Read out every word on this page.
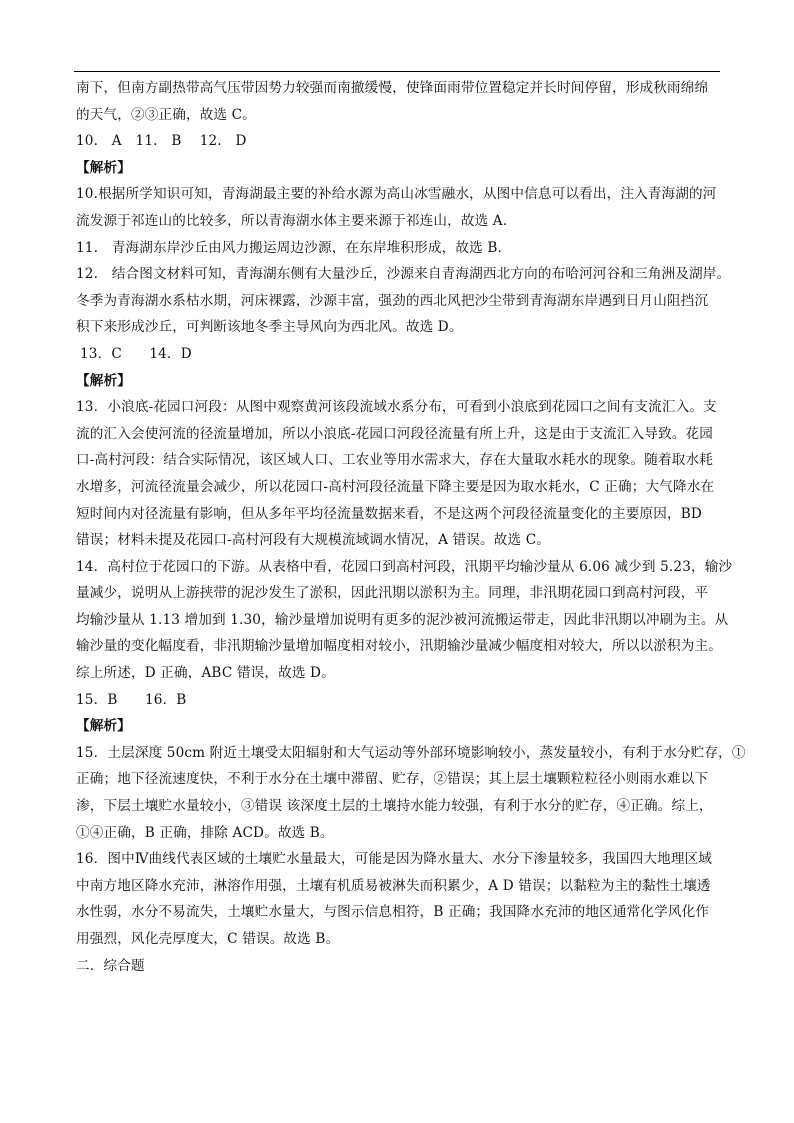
南下，但南方副热带高气压带因势力较强而南撤缓慢，使锋面雨带位置稳定并长时间停留，形成秋雨绵绵
的天气，②③正确，故选 C。
10.　A　11.　B　 12.　D
【解析】
10.根据所学知识可知，青海湖最主要的补给水源为高山冰雪融水，从图中信息可以看出，注入青海湖的河
流发源于祁连山的比较多，所以青海湖水体主要来源于祁连山，故选 A.
11.　青海湖东岸沙丘由风力搬运周边沙源，在东岸堆积形成，故选 B.
12.　结合图文材料可知，青海湖东侧有大量沙丘，沙源来自青海湖西北方向的布哈河河谷和三角洲及湖岸。
冬季为青海湖水系枯水期，河床裸露，沙源丰富，强劲的西北风把沙尘带到青海湖东岸遇到日月山阻挡沉
积下来形成沙丘，可判断该地冬季主导风向为西北风。故选 D。
13．C　　14．D
【解析】
13．小浪底-花园口河段：从图中观察黄河该段流域水系分布，可看到小浪底到花园口之间有支流汇入。支
流的汇入会使河流的径流量增加，所以小浪底-花园口河段径流量有所上升，这是由于支流汇入导致。花园
口-高村河段：结合实际情况，该区域人口、工农业等用水需求大，存在大量取水耗水的现象。随着取水耗
水增多，河流径流量会减少，所以花园口-高村河段径流量下降主要是因为取水耗水，C 正确；大气降水在
短时间内对径流量有影响，但从多年平均径流量数据来看，不是这两个河段径流量变化的主要原因，BD
错误；材料未提及花园口-高村河段有大规模流域调水情况，A 错误。故选 C。
14．高村位于花园口的下游。从表格中看，花园口到高村河段，汛期平均输沙量从 6.06 减少到 5.23，输沙
量减少，说明从上游挟带的泥沙发生了淤积，因此汛期以淤积为主。同理，非汛期花园口到高村河段，平
均输沙量从 1.13 增加到 1.30，输沙量增加说明有更多的泥沙被河流搬运带走，因此非汛期以冲刷为主。从
输沙量的变化幅度看，非汛期输沙量增加幅度相对较小，汛期输沙量减少幅度相对较大，所以以淤积为主。
综上所述，D 正确，ABC 错误，故选 D。
15．B　　16．B
【解析】
15．土层深度 50cm 附近土壤受太阳辐射和大气运动等外部环境影响较小，蒸发量较小，有利于水分贮存，①
正确；地下径流速度快，不利于水分在土壤中滞留、贮存，②错误；其上层土壤颗粒粒径小则雨水难以下
渗，下层土壤贮水量较小，③错误 该深度土层的土壤持水能力较强，有利于水分的贮存，④正确。综上，
①④正确，B 正确，排除 ACD。故选 B。
16．图中Ⅳ曲线代表区域的土壤贮水量最大，可能是因为降水量大、水分下渗量较多，我国四大地理区域
中南方地区降水充沛，淋溶作用强，土壤有机质易被淋失而积累少，A D 错误；以黏粒为主的黏性土壤透
水性弱，水分不易流失，土壤贮水量大，与图示信息相符，B 正确；我国降水充沛的地区通常化学风化作
用强烈，风化壳厚度大，C 错误。故选 B。
二．综合题
